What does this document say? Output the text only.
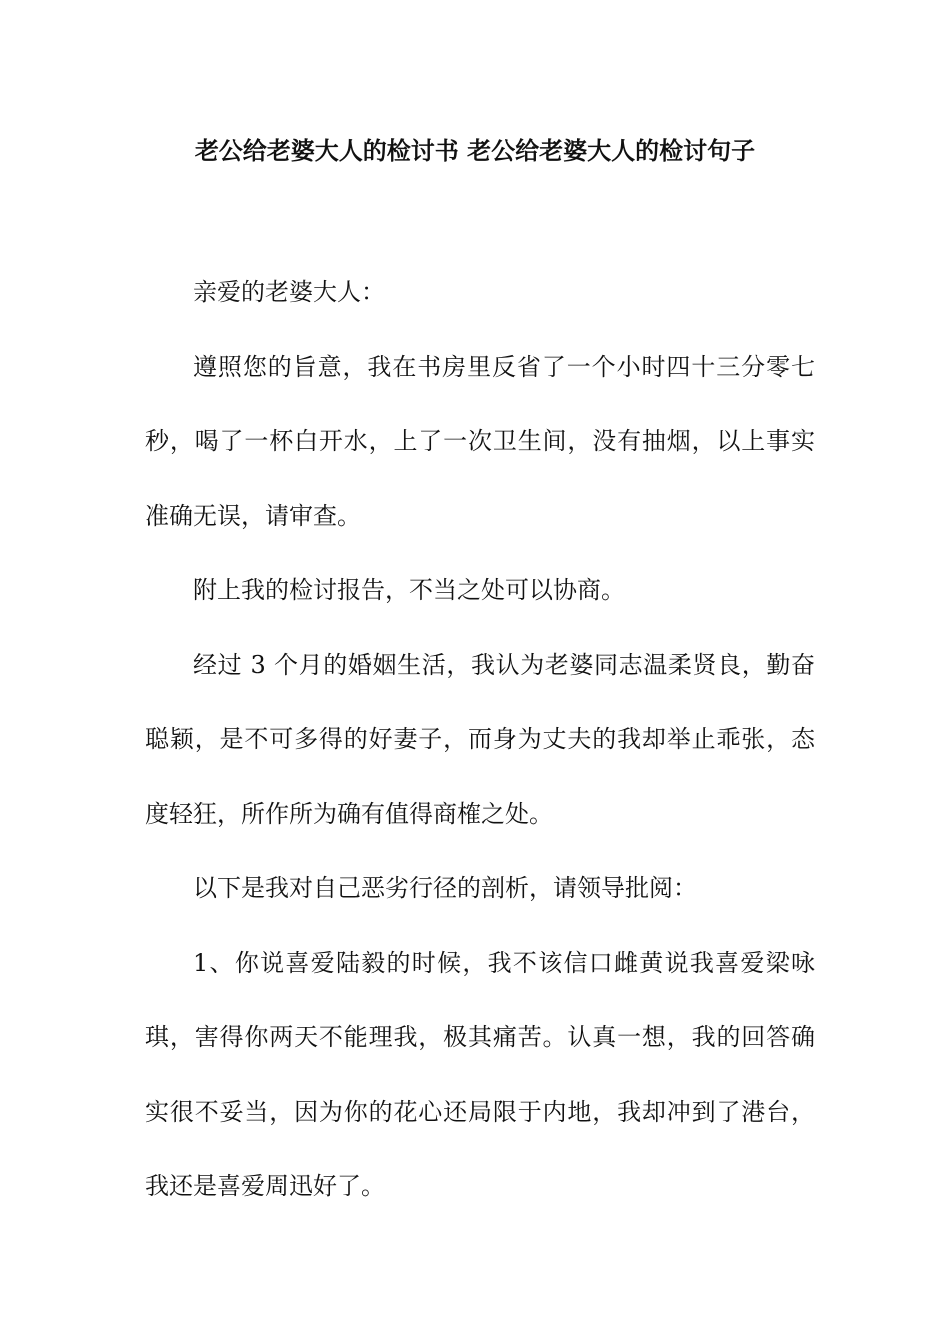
老公给老婆大人的检讨书 老公给老婆大人的检讨句子

亲爱的老婆大人：

遵照您的旨意，我在书房里反省了一个小时四十三分零七秒，喝了一杯白开水，上了一次卫生间，没有抽烟，以上事实准确无误，请审查。

附上我的检讨报告，不当之处可以协商。

经过 3 个月的婚姻生活，我认为老婆同志温柔贤良，勤奋聪颖，是不可多得的好妻子，而身为丈夫的我却举止乖张，态度轻狂，所作所为确有值得商榷之处。

以下是我对自己恶劣行径的剖析，请领导批阅：

1、你说喜爱陆毅的时候，我不该信口雌黄说我喜爱梁咏琪，害得你两天不能理我，极其痛苦。认真一想，我的回答确实很不妥当，因为你的花心还局限于内地，我却冲到了港台，我还是喜爱周迅好了。
